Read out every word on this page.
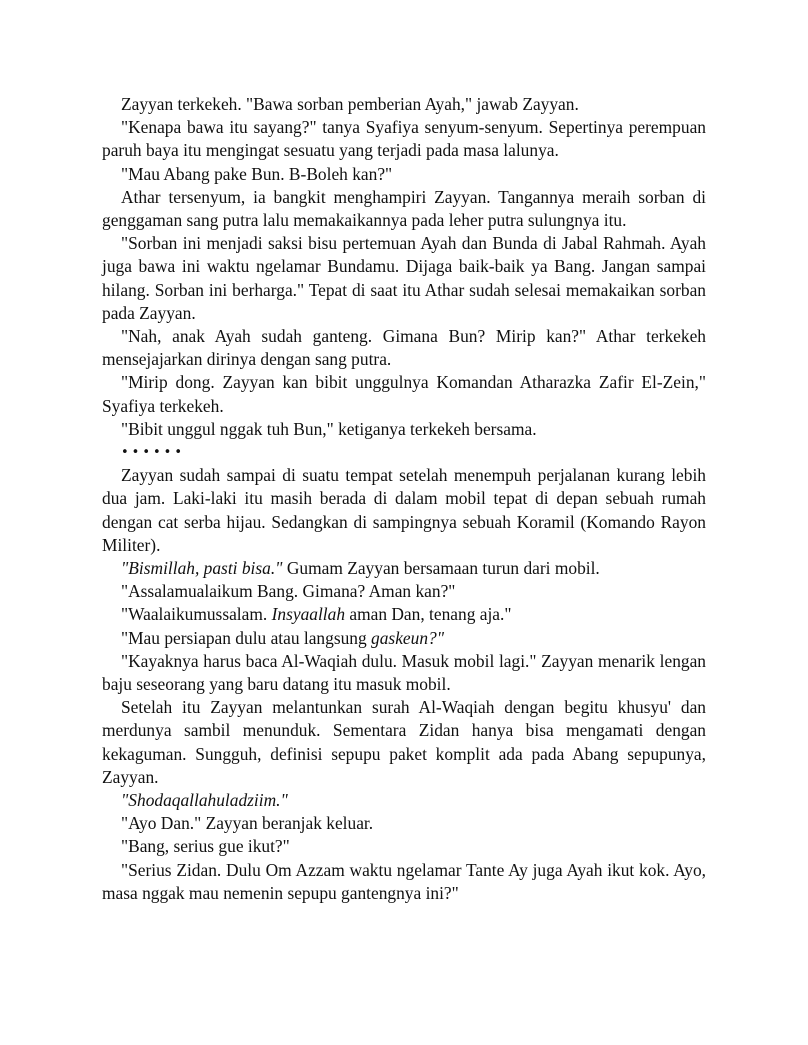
Zayyan terkekeh. "Bawa sorban pemberian Ayah," jawab Zayyan.

"Kenapa bawa itu sayang?" tanya Syafiya senyum-senyum. Sepertinya perempuan paruh baya itu mengingat sesuatu yang terjadi pada masa lalunya.

"Mau Abang pake Bun. B-Boleh kan?"

Athar tersenyum, ia bangkit menghampiri Zayyan. Tangannya meraih sorban di genggaman sang putra lalu memakaikannya pada leher putra sulungnya itu.

"Sorban ini menjadi saksi bisu pertemuan Ayah dan Bunda di Jabal Rahmah. Ayah juga bawa ini waktu ngelamar Bundamu. Dijaga baik-baik ya Bang. Jangan sampai hilang. Sorban ini berharga." Tepat di saat itu Athar sudah selesai memakaikan sorban pada Zayyan.

"Nah, anak Ayah sudah ganteng. Gimana Bun? Mirip kan?" Athar terkekeh mensejajarkan dirinya dengan sang putra.

"Mirip dong. Zayyan kan bibit unggulnya Komandan Atharazka Zafir El-Zein," Syafiya terkekeh.

"Bibit unggul nggak tuh Bun," ketiganya terkekeh bersama.

••••••

Zayyan sudah sampai di suatu tempat setelah menempuh perjalanan kurang lebih dua jam. Laki-laki itu masih berada di dalam mobil tepat di depan sebuah rumah dengan cat serba hijau. Sedangkan di sampingnya sebuah Koramil (Komando Rayon Militer).

"Bismillah, pasti bisa." Gumam Zayyan bersamaan turun dari mobil.

"Assalamualaikum Bang. Gimana? Aman kan?"

"Waalaikumussalam. Insyaallah aman Dan, tenang aja."

"Mau persiapan dulu atau langsung gaskeun?"

"Kayaknya harus baca Al-Waqiah dulu. Masuk mobil lagi." Zayyan menarik lengan baju seseorang yang baru datang itu masuk mobil.

Setelah itu Zayyan melantunkan surah Al-Waqiah dengan begitu khusyu' dan merdunya sambil menunduk. Sementara Zidan hanya bisa mengamati dengan kekaguman. Sungguh, definisi sepupu paket komplit ada pada Abang sepupunya, Zayyan.

"Shodaqallahuladziim."

"Ayo Dan." Zayyan beranjak keluar.

"Bang, serius gue ikut?"

"Serius Zidan. Dulu Om Azzam waktu ngelamar Tante Ay juga Ayah ikut kok. Ayo, masa nggak mau nemenin sepupu gantengnya ini?"
